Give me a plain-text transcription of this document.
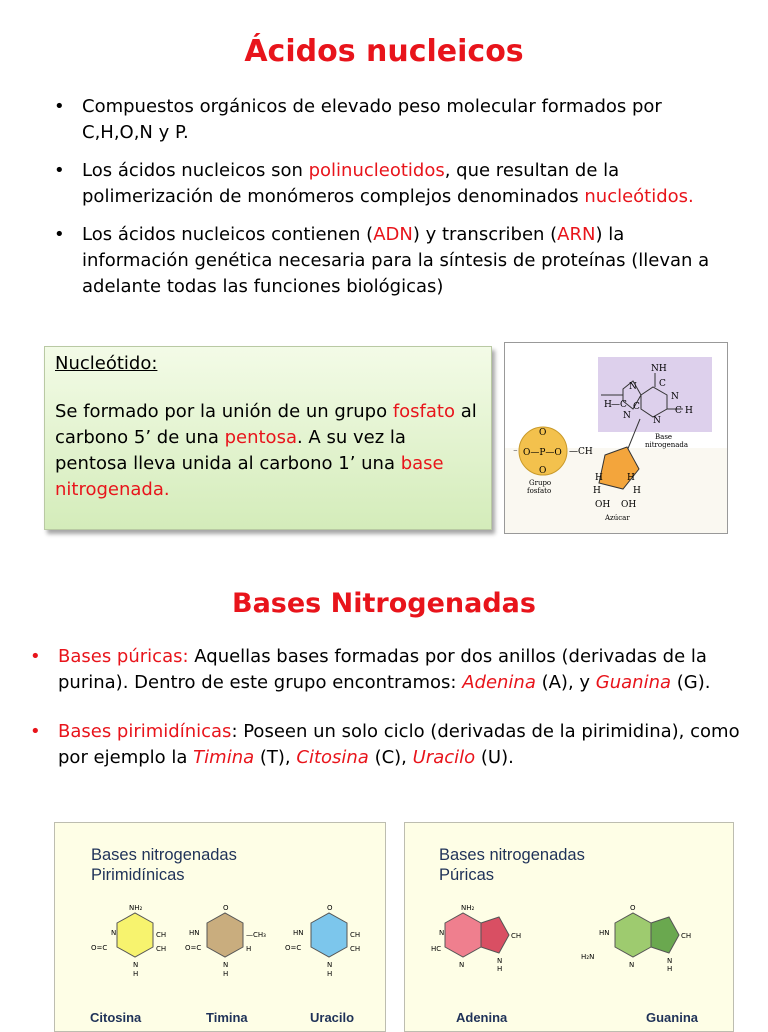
Ácidos nucleicos
• Compuestos orgánicos de elevado peso molecular formados por C,H,O,N y P.
• Los ácidos nucleicos son polinucleotidos, que resultan de la polimerización de monómeros complejos denominados nucleótidos.
• Los ácidos nucleicos contienen (ADN) y transcriben (ARN) la información genética necesaria para la síntesis de proteínas (llevan a adelante todas las funciones biológicas)
Nucleótido:
Se formado por la unión de un grupo fosfato al carbono 5’ de una pentosa. A su vez la pentosa lleva unida al carbono 1’ una base nitrogenada.
NH
H —C
H
C
N C
N
N
C
N
Base
nitrogenada
O—P—O
O
O
⁻	—CH
Grupo
fosfato
H	H
H	H
OH OH
Azúcar
Bases Nitrogenadas
• Bases púricas: Aquellas bases formadas por dos anillos (derivadas de la purina). Dentro de este grupo encontramos: Adenina (A), y Guanina (G).
• Bases pirimidínicas: Poseen un solo ciclo (derivadas de la pirimidina), como por ejemplo la Timina (T), Citosina (C), Uracilo (U).
Bases nitrogenadas
Pirimidínicas
NH₂
O=C
CH
CH
N
N
H
O
HN	—CH₃
H
O=C
N
H
O
HN	CH
CH
O=C
N
H
Bases nitrogenadas
Púricas
NH₂
N
HC
CH
N	N
H
O
HN
H₂N
CH
N	N
H
Citosina	Timina	Uracilo	Adenina	Guanina
